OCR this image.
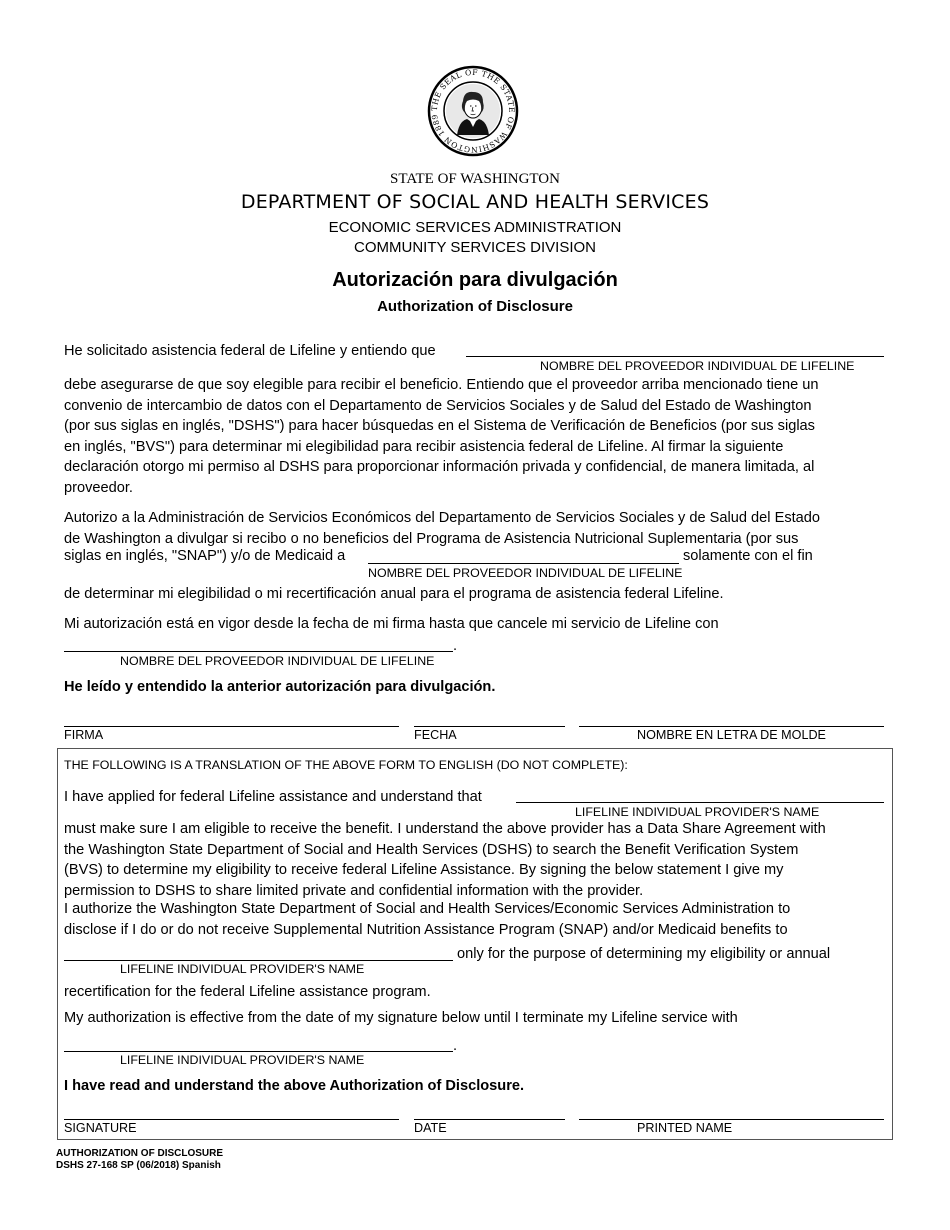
THE SEAL OF THE STATE OF WASHINGTON 1889
STATE OF WASHINGTON
DEPARTMENT OF SOCIAL AND HEALTH SERVICES
ECONOMIC SERVICES ADMINISTRATION
COMMUNITY SERVICES DIVISION
Autorización para divulgación
Authorization of Disclosure
He solicitado asistencia federal de Lifeline y entiendo que
NOMBRE DEL PROVEEDOR INDIVIDUAL DE LIFELINE
debe asegurarse de que soy elegible para recibir el beneficio. Entiendo que el proveedor arriba mencionado tiene un
convenio de intercambio de datos con el Departamento de Servicios Sociales y de Salud del Estado de Washington
(por sus siglas en inglés, "DSHS") para hacer búsquedas en el Sistema de Verificación de Beneficios (por sus siglas
en inglés, "BVS") para determinar mi elegibilidad para recibir asistencia federal de Lifeline. Al firmar la siguiente
declaración otorgo mi permiso al DSHS para proporcionar información privada y confidencial, de manera limitada, al
proveedor.
Autorizo a la Administración de Servicios Económicos del Departamento de Servicios Sociales y de Salud del Estado
de Washington a divulgar si recibo o no beneficios del Programa de Asistencia Nutricional Suplementaria (por sus
siglas en inglés, "SNAP") y/o de Medicaid a	solamente con el fin
NOMBRE DEL PROVEEDOR INDIVIDUAL DE LIFELINE
de determinar mi elegibilidad o mi recertificación anual para el programa de asistencia federal Lifeline.
Mi autorización está en vigor desde la fecha de mi firma hasta que cancele mi servicio de Lifeline con
.
NOMBRE DEL PROVEEDOR INDIVIDUAL DE LIFELINE
He leído y entendido la anterior autorización para divulgación.
FIRMA	FECHA	NOMBRE EN LETRA DE MOLDE
THE FOLLOWING IS A TRANSLATION OF THE ABOVE FORM TO ENGLISH (DO NOT COMPLETE):
I have applied for federal Lifeline assistance and understand that
LIFELINE INDIVIDUAL PROVIDER'S NAME
must make sure I am eligible to receive the benefit. I understand the above provider has a Data Share Agreement with
the Washington State Department of Social and Health Services (DSHS) to search the Benefit Verification System
(BVS) to determine my eligibility to receive federal Lifeline Assistance. By signing the below statement I give my
permission to DSHS to share limited private and confidential information with the provider.
I authorize the Washington State Department of Social and Health Services/Economic Services Administration to
disclose if I do or do not receive Supplemental Nutrition Assistance Program (SNAP) and/or Medicaid benefits to
only for the purpose of determining my eligibility or annual
LIFELINE INDIVIDUAL PROVIDER'S NAME
recertification for the federal Lifeline assistance program.
My authorization is effective from the date of my signature below until I terminate my Lifeline service with
.
LIFELINE INDIVIDUAL PROVIDER'S NAME
I have read and understand the above Authorization of Disclosure.
SIGNATURE	DATE	PRINTED NAME
AUTHORIZATION OF DISCLOSURE
DSHS 27-168 SP (06/2018) Spanish
